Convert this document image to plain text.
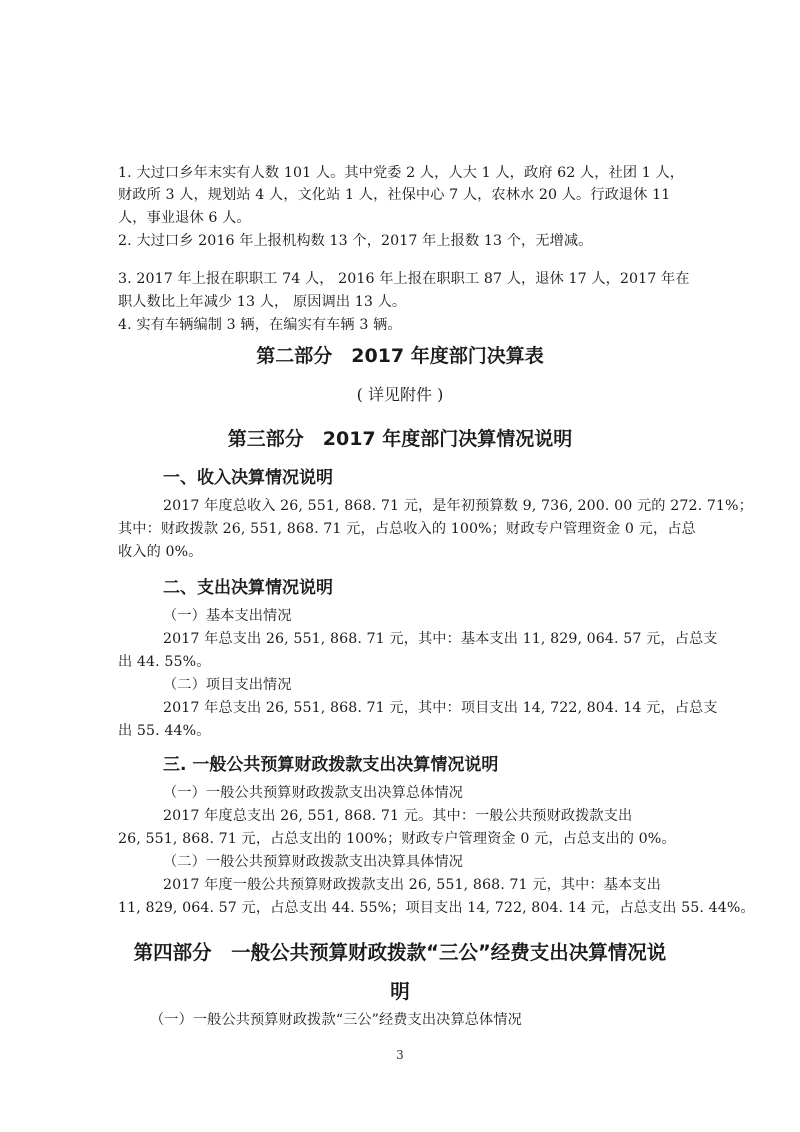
1. 大过口乡年末实有人数 101 人。其中党委 2 人，人大 1 人，政府 62 人，社团 1 人，
财政所 3 人，规划站 4 人，文化站 1 人，社保中心 7 人，农林水 20 人。行政退休 11
人，事业退休 6 人。
2. 大过口乡 2016 年上报机构数 13 个，2017 年上报数 13 个，无增减。
3. 2017 年上报在职职工 74 人， 2016 年上报在职职工 87 人，退休 17 人，2017 年在
职人数比上年减少 13 人， 原因调出 13 人。
4. 实有车辆编制 3 辆，在编实有车辆 3 辆。
第二部分　2017 年度部门决算表
( 详见附件 )
第三部分　2017 年度部门决算情况说明
一、收入决算情况说明
2017 年度总收入 26, 551, 868. 71 元，是年初预算数 9, 736, 200. 00 元的 272. 71%；
其中：财政拨款 26, 551, 868. 71 元，占总收入的 100%；财政专户管理资金 0 元，占总
收入的 0%。
二、支出决算情况说明
（一）基本支出情况
2017 年总支出 26, 551, 868. 71 元，其中：基本支出 11, 829, 064. 57 元，占总支
出 44. 55%。
（二）项目支出情况
2017 年总支出 26, 551, 868. 71 元，其中：项目支出 14, 722, 804. 14 元，占总支
出 55. 44%。
三. 一般公共预算财政拨款支出决算情况说明
（一）一般公共预算财政拨款支出决算总体情况
2017 年度总支出 26, 551, 868. 71 元。其中：一般公共预财政拨款支出
26, 551, 868. 71 元，占总支出的 100%；财政专户管理资金 0 元，占总支出的 0%。
（二）一般公共预算财政拨款支出决算具体情况
2017 年度一般公共预算财政拨款支出 26, 551, 868. 71 元，其中：基本支出
11, 829, 064. 57 元，占总支出 44. 55%；项目支出 14, 722, 804. 14 元，占总支出 55. 44%。
第四部分　一般公共预算财政拨款“三公”经费支出决算情况说
明
（一）一般公共预算财政拨款“三公”经费支出决算总体情况
3
